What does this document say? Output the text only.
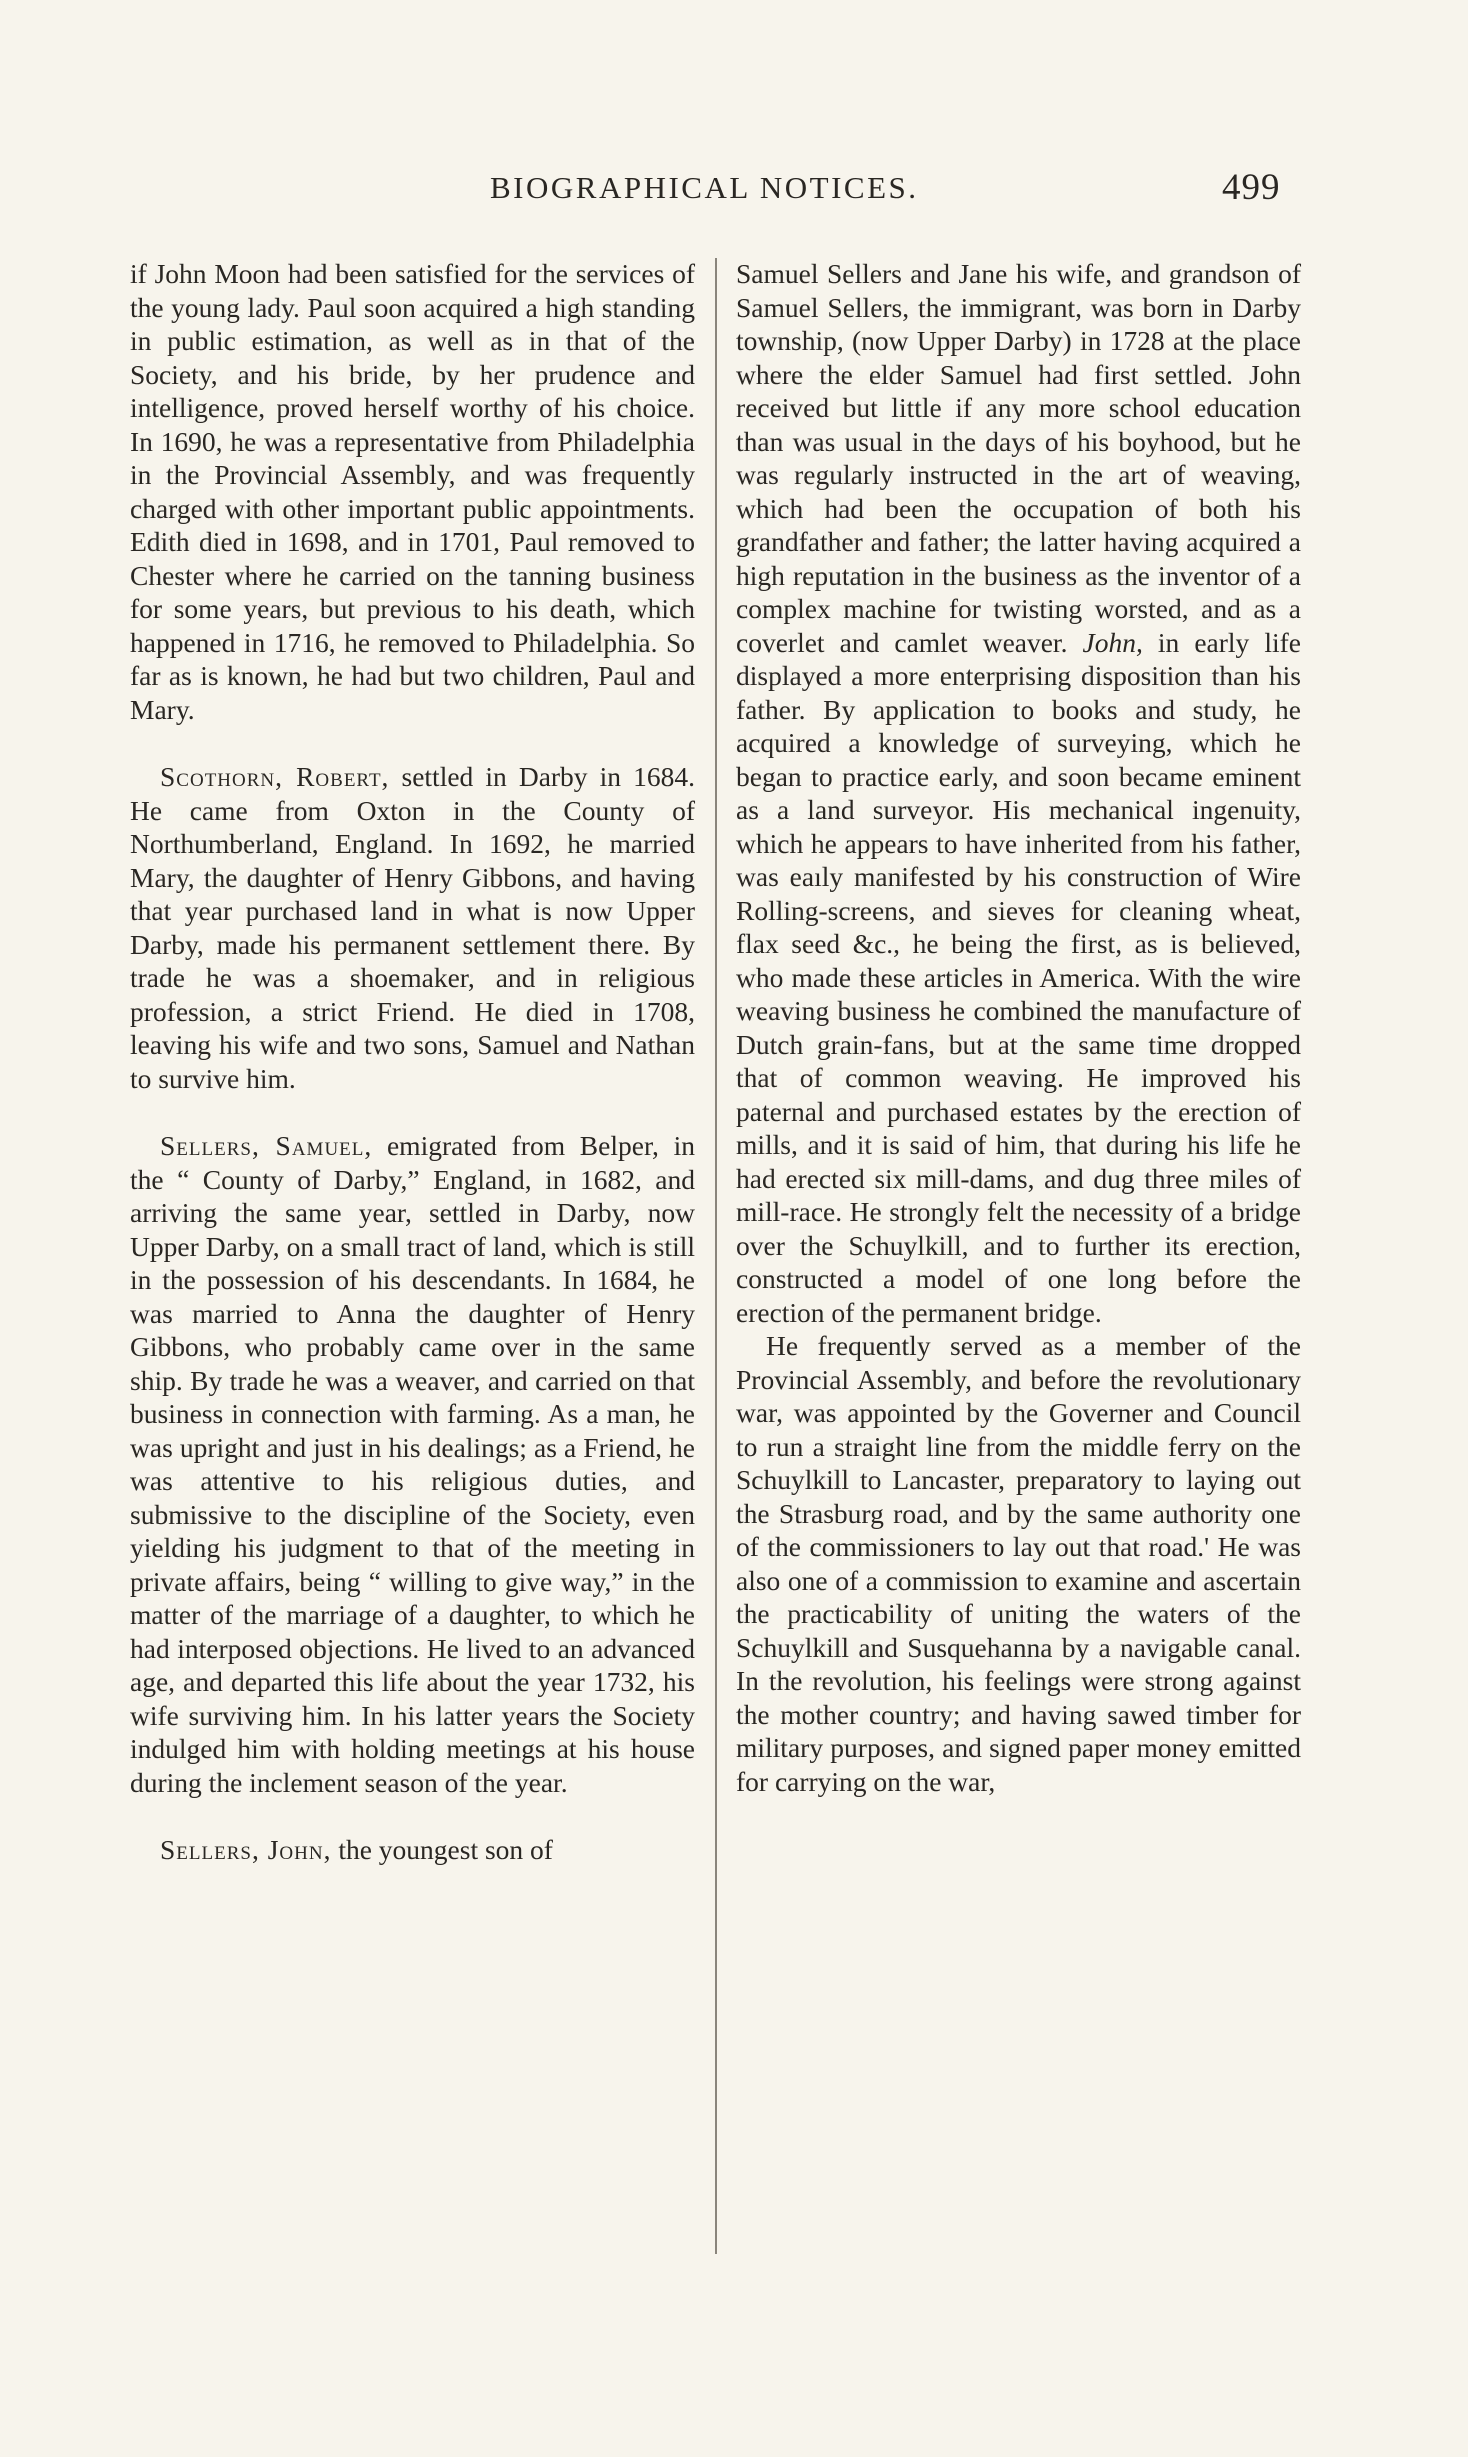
BIOGRAPHICAL NOTICES.	499

if John Moon had been satisfied for the services of the young lady. Paul soon acquired a high standing in public estimation, as well as in that of the Society, and his bride, by her prudence and intelligence, proved herself worthy of his choice. In 1690, he was a representative from Philadelphia in the Provincial Assembly, and was frequently charged with other important public appointments. Edith died in 1698, and in 1701, Paul removed to Chester where he carried on the tanning business for some years, but previous to his death, which happened in 1716, he removed to Philadelphia. So far as is known, he had but two children, Paul and Mary.

Scothorn, Robert, settled in Darby in 1684. He came from Oxton in the County of Northumberland, England. In 1692, he married Mary, the daughter of Henry Gibbons, and having that year purchased land in what is now Upper Darby, made his permanent settlement there. By trade he was a shoemaker, and in religious profession, a strict Friend. He died in 1708, leaving his wife and two sons, Samuel and Nathan to survive him.

Sellers, Samuel, emigrated from Belper, in the “ County of Darby,” England, in 1682, and arriving the same year, settled in Darby, now Upper Darby, on a small tract of land, which is still in the possession of his descendants. In 1684, he was married to Anna the daughter of Henry Gibbons, who probably came over in the same ship. By trade he was a weaver, and carried on that business in connection with farming. As a man, he was upright and just in his dealings; as a Friend, he was attentive to his religious duties, and submissive to the discipline of the Society, even yielding his judgment to that of the meeting in private affairs, being “ willing to give way,” in the matter of the marriage of a daughter, to which he had interposed objections. He lived to an advanced age, and departed this life about the year 1732, his wife surviving him. In his latter years the Society indulged him with holding meetings at his house during the inclement season of the year.

Sellers, John, the youngest son of

Samuel Sellers and Jane his wife, and grandson of Samuel Sellers, the immigrant, was born in Darby township, (now Upper Darby) in 1728 at the place where the elder Samuel had first settled. John received but little if any more school education than was usual in the days of his boyhood, but he was regularly instructed in the art of weaving, which had been the occupation of both his grandfather and father; the latter having acquired a high reputation in the business as the inventor of a complex machine for twisting worsted, and as a coverlet and camlet weaver. John, in early life displayed a more enterprising disposition than his father. By application to books and study, he acquired a knowledge of surveying, which he began to practice early, and soon became eminent as a land surveyor. His mechanical ingenuity, which he appears to have inherited from his father, was eaıly manifested by his construction of Wire Rolling-screens, and sieves for cleaning wheat, flax seed &c., he being the first, as is believed, who made these articles in America. With the wire weaving business he combined the manufacture of Dutch grain-fans, but at the same time dropped that of common weaving. He improved his paternal and purchased estates by the erection of mills, and it is said of him, that during his life he had erected six mill-dams, and dug three miles of mill-race. He strongly felt the necessity of a bridge over the Schuylkill, and to further its erection, constructed a model of one long before the erection of the permanent bridge.

He frequently served as a member of the Provincial Assembly, and before the revolutionary war, was appointed by the Governer and Council to run a straight line from the middle ferry on the Schuylkill to Lancaster, preparatory to laying out the Strasburg road, and by the same authority one of the commissioners to lay out that road.' He was also one of a commission to examine and ascertain the practicability of uniting the waters of the Schuylkill and Susquehanna by a navigable canal. In the revolution, his feelings were strong against the mother country; and having sawed timber for military purposes, and signed paper money emitted for carrying on the war,
